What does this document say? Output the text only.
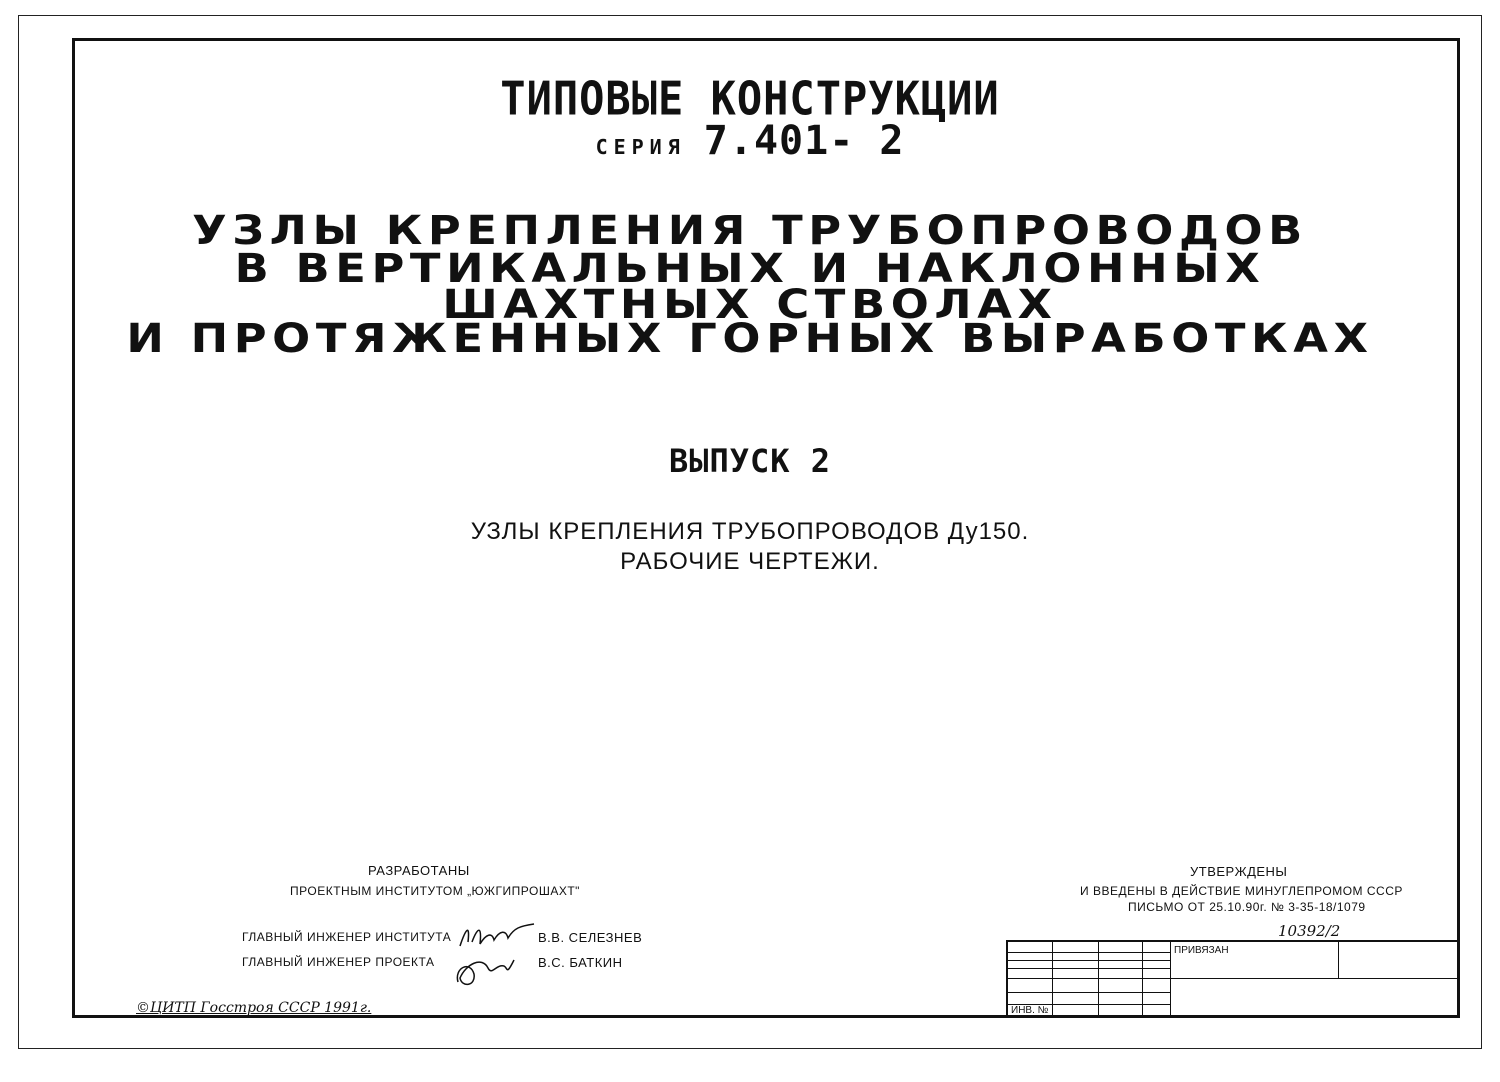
ТИПОВЫЕ КОНСТРУКЦИИ
СЕРИЯ 7.401- 2
УЗЛЫ КРЕПЛЕНИЯ ТРУБОПРОВОДОВ
В ВЕРТИКАЛЬНЫХ И НАКЛОННЫХ
ШАХТНЫХ СТВОЛАХ
И ПРОТЯЖЕННЫХ ГОРНЫХ ВЫРАБОТКАХ
ВЫПУСК 2
УЗЛЫ КРЕПЛЕНИЯ ТРУБОПРОВОДОВ Ду150.
РАБОЧИЕ ЧЕРТЕЖИ.
РАЗРАБОТАНЫ
ПРОЕКТНЫМ ИНСТИТУТОМ „ЮЖГИПРОШАХТ"
ГЛАВНЫЙ ИНЖЕНЕР ИНСТИТУТА	В.В. СЕЛЕЗНЕВ
ГЛАВНЫЙ ИНЖЕНЕР ПРОЕКТА	В.С. БАТКИН
УТВЕРЖДЕНЫ
И ВВЕДЕНЫ В ДЕЙСТВИЕ МИНУГЛЕПРОМОМ СССР
ПИСЬМО ОТ 25.10.90г. № 3-35-18/1079
10392/2
ПРИВЯЗАН
ИНВ. №
©ЦИТП Госстроя СССР 1991г.
